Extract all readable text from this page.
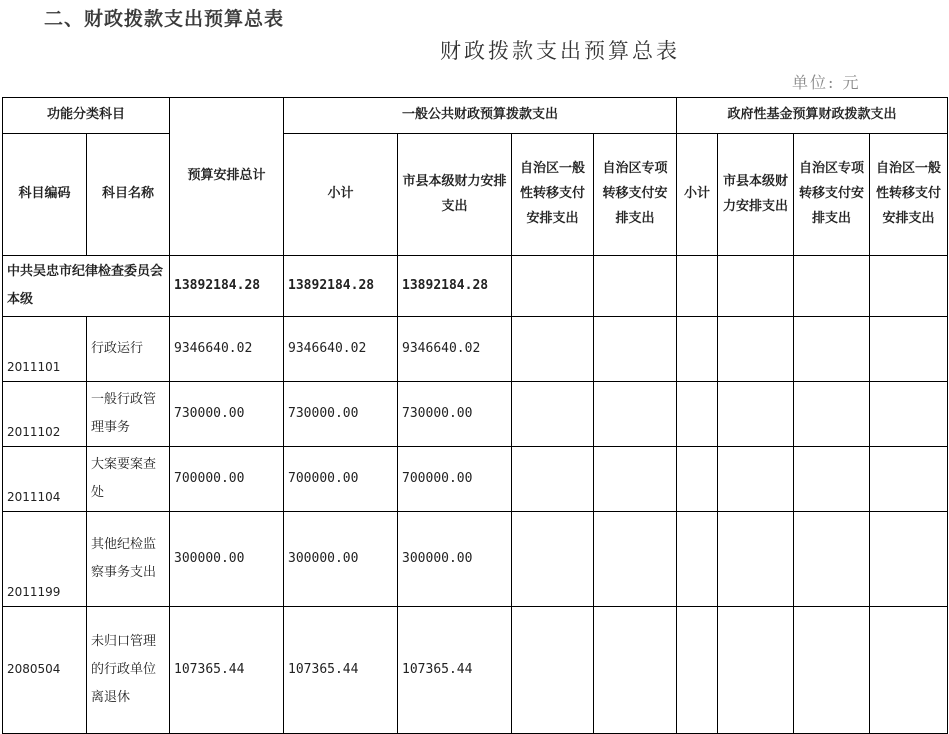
二、财政拨款支出预算总表
财政拨款支出预算总表
单位: 元
功能分类科目		预算安排总计	一般公共财政预算拨款支出				政府性基金预算财政拨款支出			
科目编码	科目名称		小计	市县本级财力安排支出	自治区一般性转移支付安排支出	自治区专项转移支付安排支出	小计	市县本级财力安排支出	自治区专项转移支付安排支出	自治区一般性转移支付安排支出
中共吴忠市纪律检查委员会本级		13892184.28	13892184.28	13892184.28						
2011101	行政运行	9346640.02	9346640.02	9346640.02						
2011102	一般行政管理事务	730000.00	730000.00	730000.00						
2011104	大案要案查处	700000.00	700000.00	700000.00						
2011199	其他纪检监察事务支出	300000.00	300000.00	300000.00						
2080504	未归口管理的行政单位离退休	107365.44	107365.44	107365.44						
